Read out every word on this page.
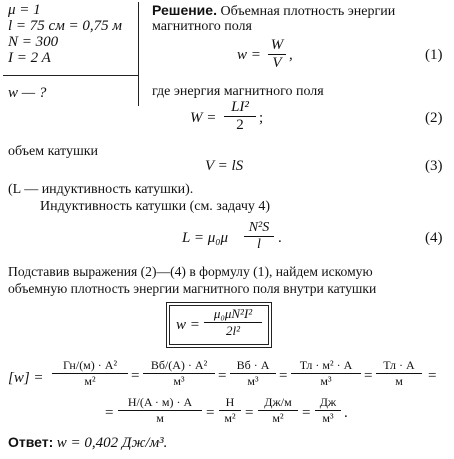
μ = 1
l = 75 см = 0,75 м
N = 300
I = 2 A
w — ?
Решение. Объемная плотность энергии
магнитного поля
$w = \frac{W}{V}$ ,	(1)
где энергия магнитного поля
$W = \frac{\text{LI²}}{2}$ ;	(2)
объем катушки
V = lS	(3)
(L — индуктивность катушки).
Индуктивность катушки (см. задачу 4)
$L = \mu_0\mu \frac{\text{N²S}}{l}$ .	(4)
Подставив выражения (2)—(4) в формулу (1), найдем искомую
объемную плотность энергии магнитного поля внутри катушки
$w = \frac{\text{μ₀μN²I²}}{\text{2l²}}$
[w] =
Гн/(м) · A²
м²	=
Вб/(A) · A²
м³	=
Вб · A
м³	=
Тл · м² · A
м³	=
Тл · A
м	=
=
Н/(A · м) · A
м	=
Н
м² =
Дж/м
м²	=
Дж
м³ .
Ответ: w = 0,402 Дж/м³.
